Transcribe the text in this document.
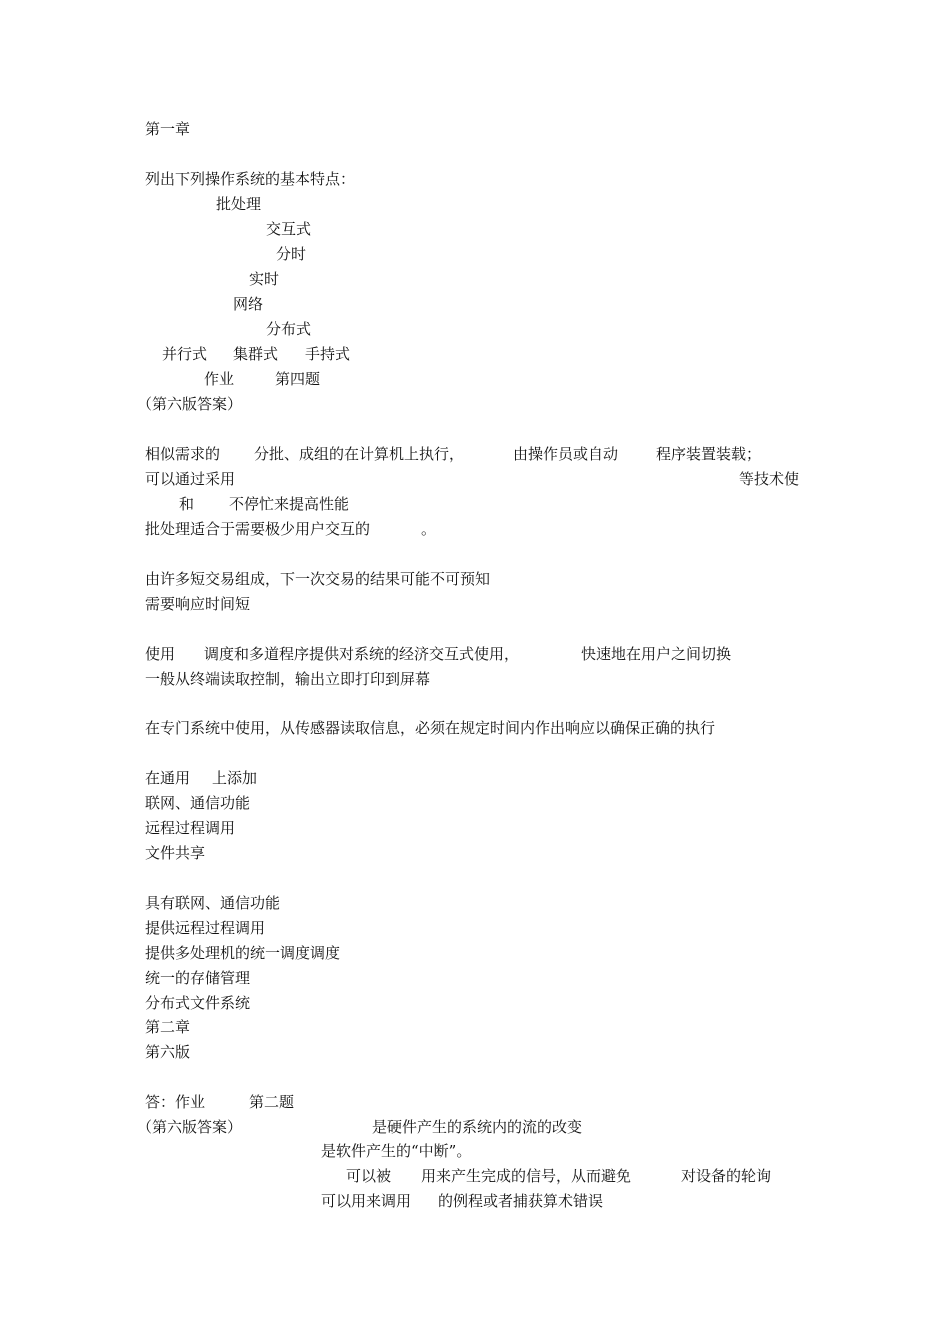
第一章
列出下列操作系统的基本特点：
批处理
交互式
分时
实时
网络
分布式
并行式 集群式 手持式
作业	第四题
（第六版答案）
相似需求的 分批、成组的在计算机上执行，	由操作员或自动	程序装置装载；
可以通过采用	等技术使
和 不停忙来提高性能
批处理适合于需要极少用户交互的	。
由许多短交易组成，下一次交易的结果可能不可预知
需要响应时间短
使用 调度和多道程序提供对系统的经济交互式使用，	快速地在用户之间切换
一般从终端读取控制，输出立即打印到屏幕
在专门系统中使用，从传感器读取信息，必须在规定时间内作出响应以确保正确的执行
在通用 上添加
联网、通信功能
远程过程调用
文件共享
具有联网、通信功能
提供远程过程调用
提供多处理机的统一调度调度
统一的存储管理
分布式文件系统
第二章
第六版
答：作业	第二题
（第六版答案）	是硬件产生的系统内的流的改变
是软件产生的“中断”。
可以被 用来产生完成的信号，从而避免	对设备的轮询
可以用来调用 的例程或者捕获算术错误
